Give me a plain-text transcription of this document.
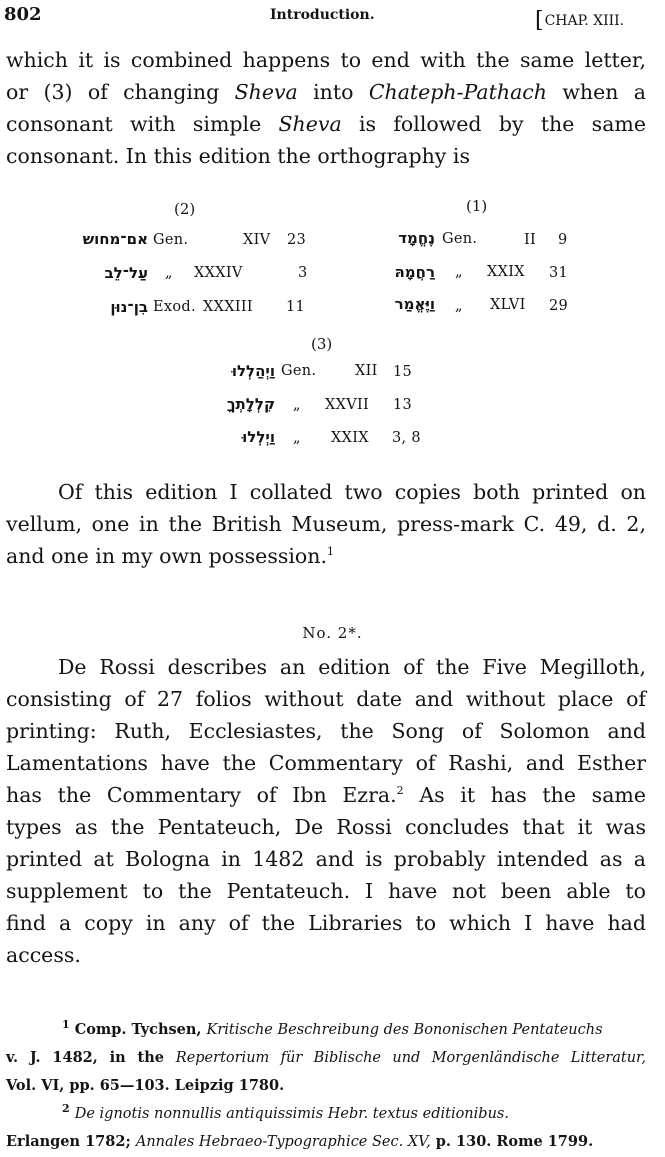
802	Introduction.	[CHAP. XIII.
which it is combined happens to end with the same letter,
or (3) of changing Sheva into Chateph-Pathach when a
consonant with simple Sheva is followed by the same
consonant. In this edition the orthography is
(2)	(1)
אם־מחוש Gen.	XIV 23
עַל־לֵב „ XXXIV	3
בִן־נוּן Exod. XXXIII 11
נֶחֱמָד Gen.	II 9
רַחֲמָהּ „ XXIX 31
וַיֶּאֱמַר „ XLVI 29
(3)
וַיְהַלְלוּ Gen.	XII 15
קִלְלָתְךָ „ XXVII 13
וַיְלְלוּ „ XXIX 3, 8
Of this edition I collated two copies both printed on
vellum, one in the British Museum, press-mark C. 49, d. 2,
and one in my own possession.$^1$
No. 2*.
De Rossi describes an edition of the Five Megilloth,
consisting of 27 folios without date and without place of
printing: Ruth, Ecclesiastes, the Song of Solomon and
Lamentations have the Commentary of Rashi, and Esther
has the Commentary of Ibn Ezra.$^2$ As it has the same
types as the Pentateuch, De Rossi concludes that it was
printed at Bologna in 1482 and is probably intended as a
supplement to the Pentateuch. I have not been able to
find a copy in any of the Libraries to which I have had
access.
$^1$ Comp. Tychsen, Kritische Beschreibung des Bononischen Pentateuchs
v. J. 1482, in the Repertorium für Biblische und Morgenländische Litteratur,
Vol. VI, pp. 65—103. Leipzig 1780.
$^2$ De ignotis nonnullis antiquissimis Hebr. textus editionibus.
Erlangen 1782; Annales Hebraeo-Typographice Sec. XV, p. 130. Rome 1799.
